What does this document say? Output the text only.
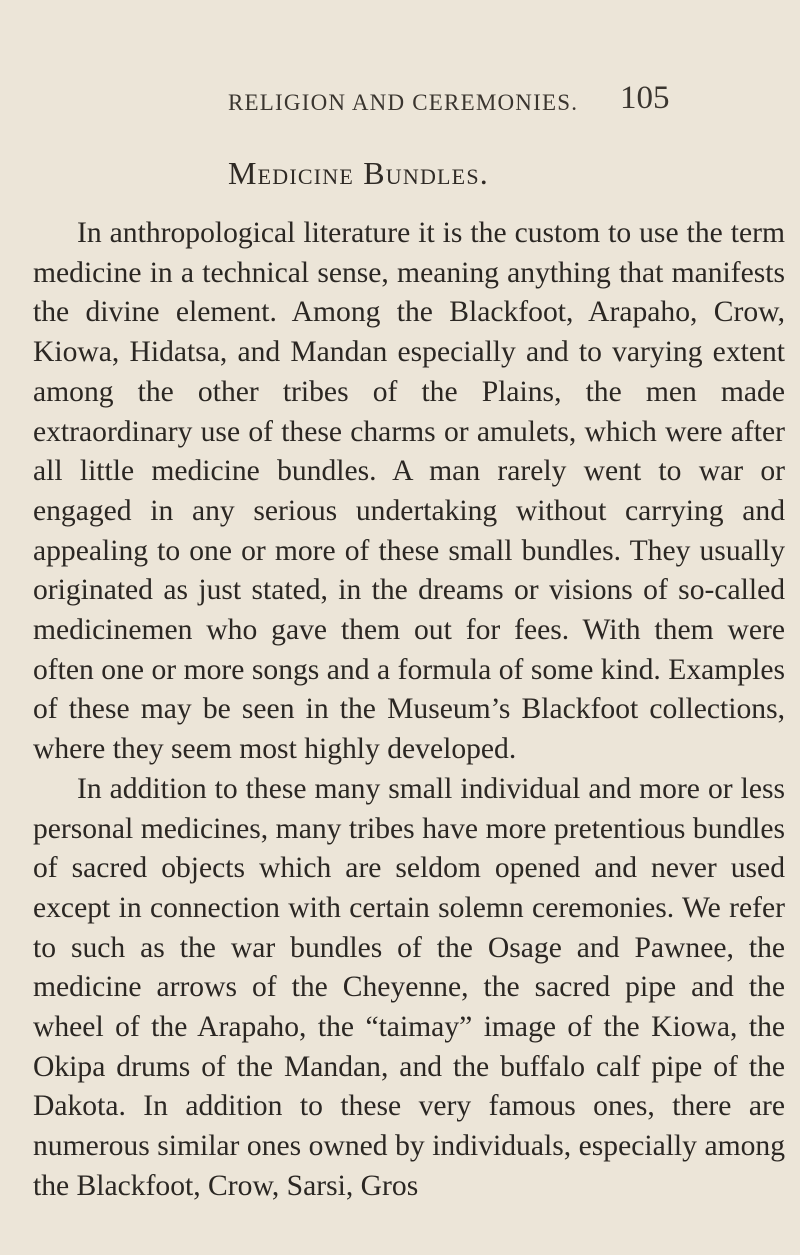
RELIGION AND CEREMONIES. 105
Medicine Bundles.

In anthropological literature it is the custom to use the term medicine in a technical sense, meaning anything that manifests the divine element. Among the Blackfoot, Arapaho, Crow, Kiowa, Hidatsa, and Mandan especially and to varying extent among the other tribes of the Plains, the men made extraordinary use of these charms or amulets, which were after all little medicine bundles. A man rarely went to war or engaged in any serious undertaking without carrying and appealing to one or more of these small bundles. They usually originated as just stated, in the dreams or visions of so-called medicinemen who gave them out for fees. With them were often one or more songs and a formula of some kind. Examples of these may be seen in the Museum’s Blackfoot collections, where they seem most highly developed.

In addition to these many small individual and more or less personal medicines, many tribes have more pretentious bundles of sacred objects which are seldom opened and never used except in connection with certain solemn ceremonies. We refer to such as the war bundles of the Osage and Pawnee, the medicine arrows of the Cheyenne, the sacred pipe and the wheel of the Arapaho, the “taimay” image of the Kiowa, the Okipa drums of the Mandan, and the buffalo calf pipe of the Dakota. In addition to these very famous ones, there are numerous similar ones owned by individuals, especially among the Blackfoot, Crow, Sarsi, Gros
